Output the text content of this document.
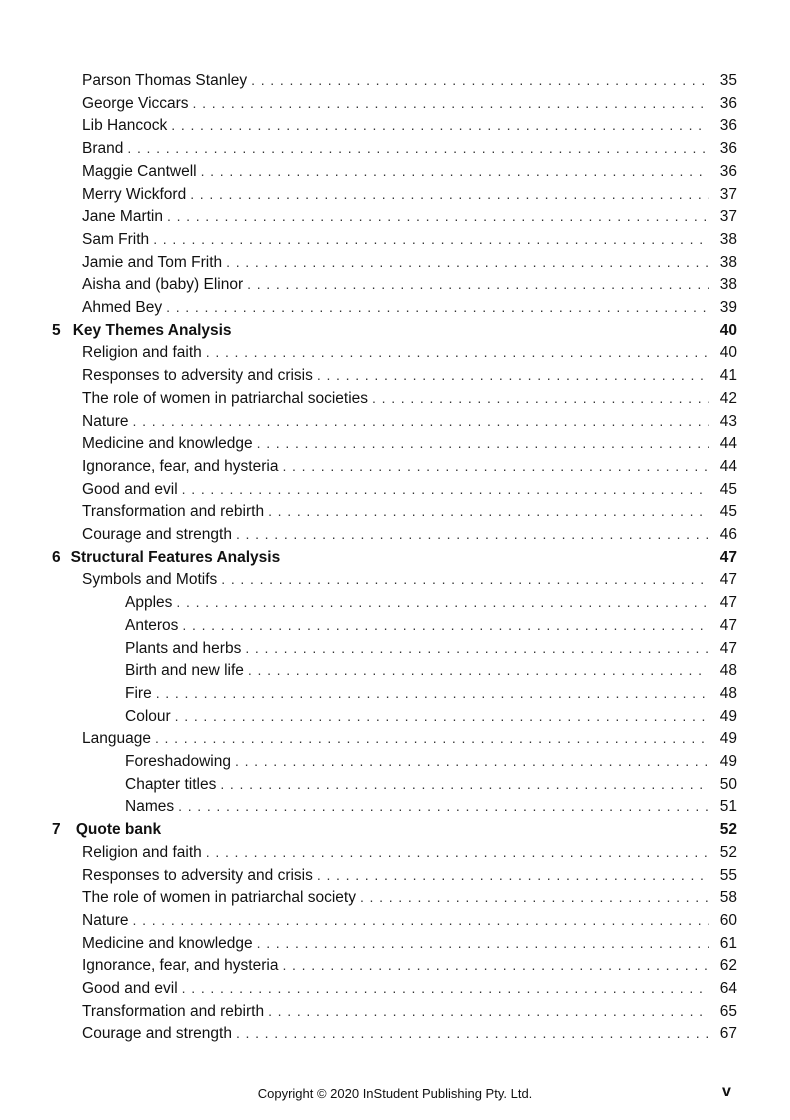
Parson Thomas Stanley . . .	35
George Viccars . . .	36
Lib Hancock . . .	36
Brand . . .	36
Maggie Cantwell . . .	36
Merry Wickford . . .	37
Jane Martin . . .	37
Sam Frith . . .	38
Jamie and Tom Frith . . .	38
Aisha and (baby) Elinor . . .	38
Ahmed Bey . . .	39
5 Key Themes Analysis	40
Religion and faith . . .	40
Responses to adversity and crisis . . .	41
The role of women in patriarchal societies . . .	42
Nature . . .	43
Medicine and knowledge . . .	44
Ignorance, fear, and hysteria . . .	44
Good and evil . . .	45
Transformation and rebirth . . .	45
Courage and strength . . .	46
6 Structural Features Analysis	47
Symbols and Motifs . . .	47
Apples . . .	47
Anteros . . .	47
Plants and herbs . . .	47
Birth and new life . . .	48
Fire . . .	48
Colour . . .	49
Language . . .	49
Foreshadowing . . .	49
Chapter titles . . .	50
Names . . .	51
7 Quote bank	52
Religion and faith . . .	52
Responses to adversity and crisis . . .	55
The role of women in patriarchal society . . .	58
Nature . . .	60
Medicine and knowledge . . .	61
Ignorance, fear, and hysteria . . .	62
Good and evil . . .	64
Transformation and rebirth . . .	65
Courage and strength . . .	67
Copyright © 2020 InStudent Publishing Pty. Ltd.	v
